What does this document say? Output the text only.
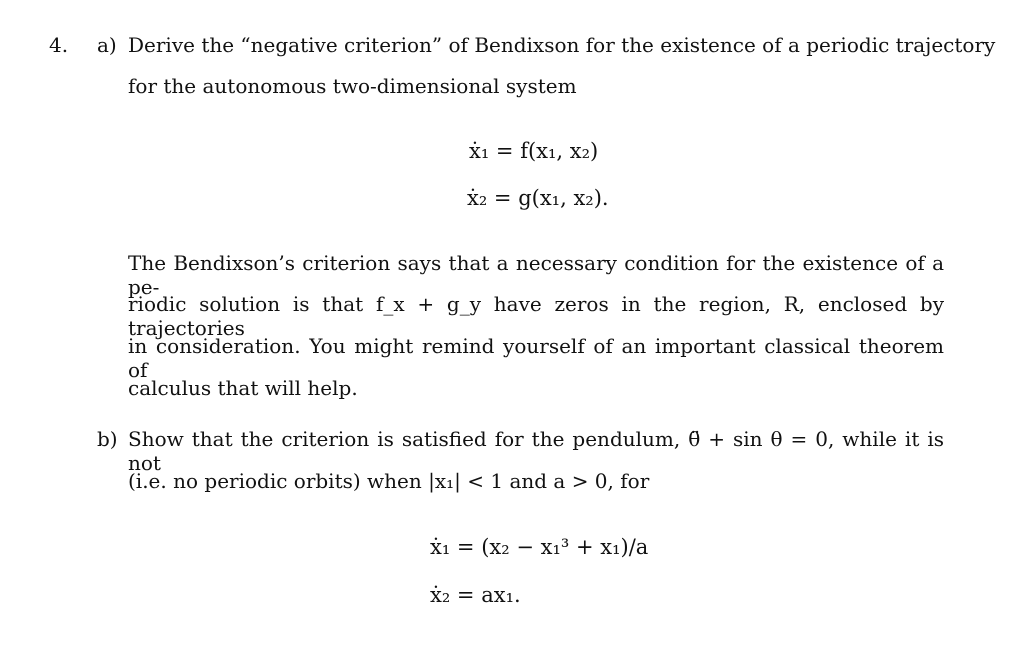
4. a) Derive the “negative criterion” of Bendixson for the existence of a periodic trajectory
for the autonomous two-dimensional system
ẋ₁ = f(x₁, x₂)
ẋ₂ = g(x₁, x₂).
The Bendixson’s criterion says that a necessary condition for the existence of a pe-
riodic solution is that f_x + g_y have zeros in the region, R, enclosed by trajectories
in consideration. You might remind yourself of an important classical theorem of
calculus that will help.
b) Show that the criterion is satisfied for the pendulum, θ̈ + sin θ = 0, while it is not
(i.e. no periodic orbits) when |x₁| < 1 and a > 0, for
ẋ₁ = (x₂ − x₁³ + x₁)/a
ẋ₂ = ax₁.
